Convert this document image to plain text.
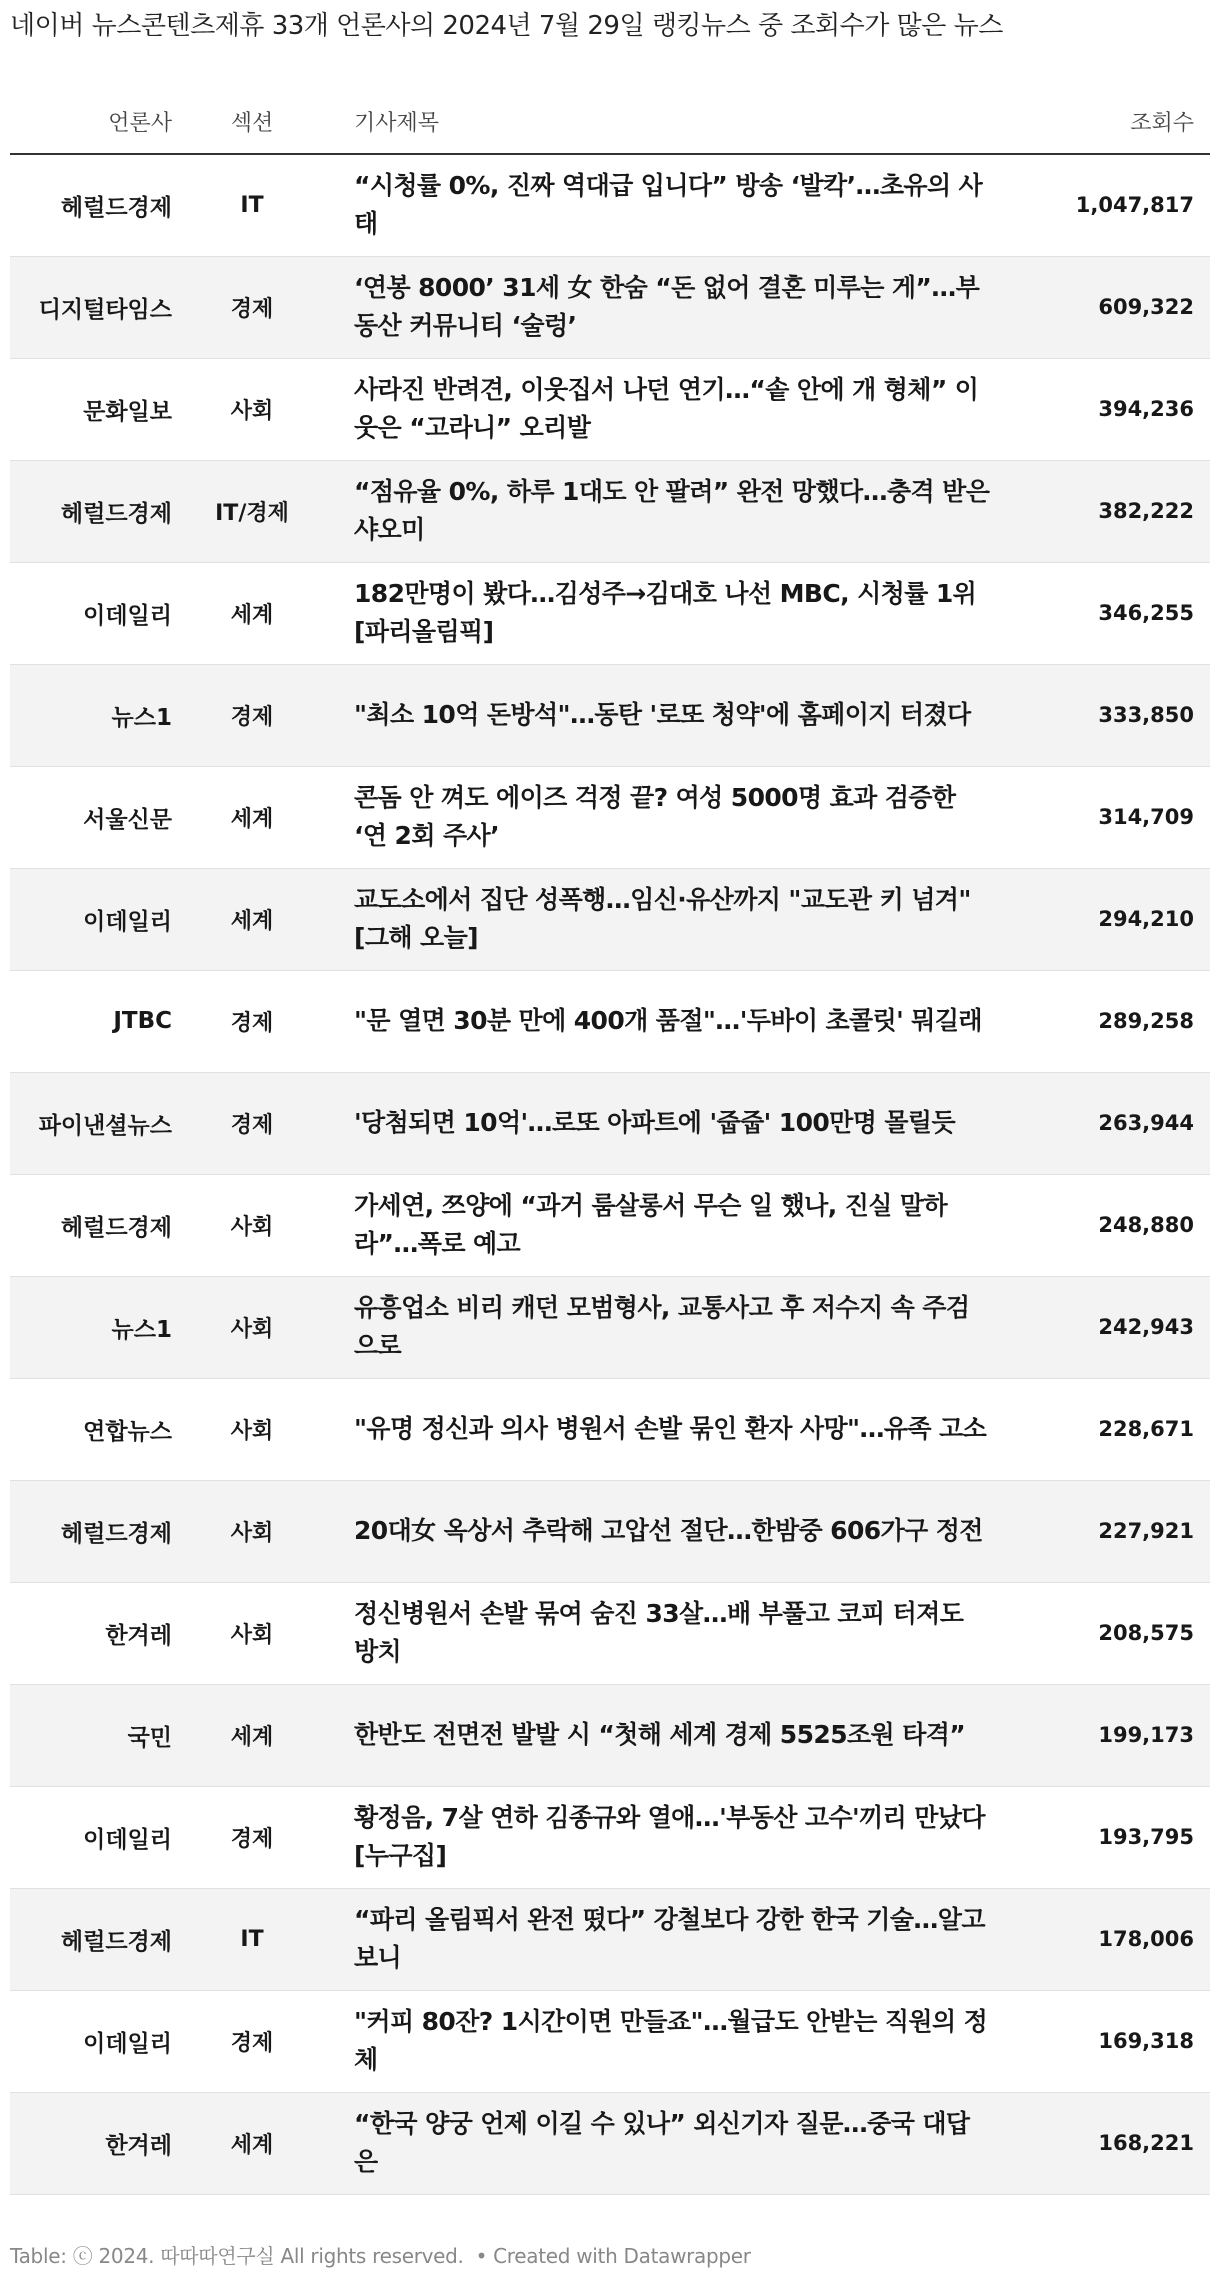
네이버 뉴스콘텐츠제휴 33개 언론사의 2024년 7월 29일 랭킹뉴스 중 조회수가 많은 뉴스
언론사	섹션	기사제목	조회수
헤럴드경제	IT	“시청률 0%, 진짜 역대급 입니다” 방송 ‘발칵’…초유의 사태	1,047,817
디지털타임스	경제	‘연봉 8000’ 31세 女 한숨 “돈 없어 결혼 미루는 게”…부동산 커뮤니티 ‘술렁’	609,322
문화일보	사회	사라진 반려견, 이웃집서 나던 연기…“솥 안에 개 형체” 이웃은 “고라니” 오리발	394,236
헤럴드경제	IT/경제	“점유율 0%, 하루 1대도 안 팔려” 완전 망했다…충격 받은 샤오미	382,222
이데일리	세계	182만명이 봤다…김성주→김대호 나선 MBC, 시청률 1위[파리올림픽]	346,255
뉴스1	경제	"최소 10억 돈방석"…동탄 '로또 청약'에 홈페이지 터졌다	333,850
서울신문	세계	콘돔 안 껴도 에이즈 걱정 끝? 여성 5000명 효과 검증한 ‘연 2회 주사’	314,709
이데일리	세계	교도소에서 집단 성폭행…임신·유산까지 "교도관 키 넘겨" [그해 오늘]	294,210
JTBC	경제	"문 열면 30분 만에 400개 품절"…'두바이 초콜릿' 뭐길래	289,258
파이낸셜뉴스	경제	'당첨되면 10억'…로또 아파트에 '줍줍' 100만명 몰릴듯	263,944
헤럴드경제	사회	가세연, 쯔양에 “과거 룸살롱서 무슨 일 했나, 진실 말하라”…폭로 예고	248,880
뉴스1	사회	유흥업소 비리 캐던 모범형사, 교통사고 후 저수지 속 주검으로	242,943
연합뉴스	사회	"유명 정신과 의사 병원서 손발 묶인 환자 사망"…유족 고소	228,671
헤럴드경제	사회	20대女 옥상서 추락해 고압선 절단…한밤중 606가구 정전	227,921
한겨레	사회	정신병원서 손발 묶여 숨진 33살…배 부풀고 코피 터져도 방치	208,575
국민	세계	한반도 전면전 발발 시 “첫해 세계 경제 5525조원 타격”	199,173
이데일리	경제	황정음, 7살 연하 김종규와 열애…'부동산 고수'끼리 만났다[누구집]	193,795
헤럴드경제	IT	“파리 올림픽서 완전 떴다” 강철보다 강한 한국 기술…알고보니	178,006
이데일리	경제	"커피 80잔? 1시간이면 만들죠"…월급도 안받는 직원의 정체	169,318
한겨레	세계	“한국 양궁 언제 이길 수 있나” 외신기자 질문…중국 대답은	168,221
Table: ⓒ 2024. 따따따연구실 All rights reserved. • Created with Datawrapper
